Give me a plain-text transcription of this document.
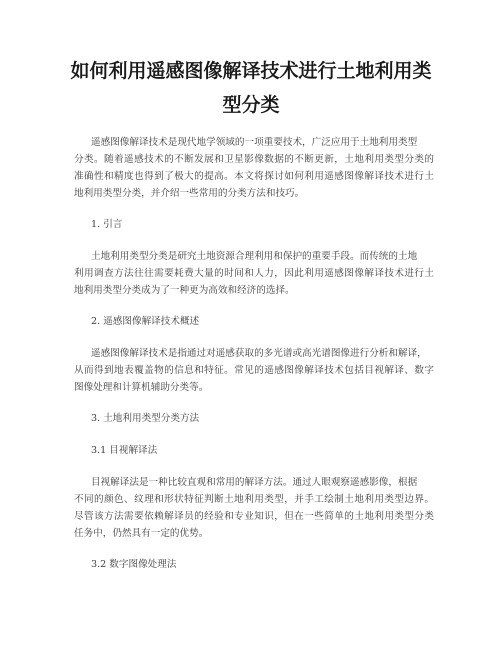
如何利用遥感图像解译技术进行土地利用类
型分类
遥感图像解译技术是现代地学领域的一项重要技术，广泛应用于土地利用类型
分类。随着遥感技术的不断发展和卫星影像数据的不断更新，土地利用类型分类的
准确性和精度也得到了极大的提高。本文将探讨如何利用遥感图像解译技术进行土
地利用类型分类，并介绍一些常用的分类方法和技巧。
1. 引言
土地利用类型分类是研究土地资源合理利用和保护的重要手段。而传统的土地
利用调查方法往往需要耗费大量的时间和人力，因此利用遥感图像解译技术进行土
地利用类型分类成为了一种更为高效和经济的选择。
2. 遥感图像解译技术概述
遥感图像解译技术是指通过对遥感获取的多光谱或高光谱图像进行分析和解译，
从而得到地表覆盖物的信息和特征。常见的遥感图像解译技术包括目视解译、数字
图像处理和计算机辅助分类等。
3. 土地利用类型分类方法
3.1 目视解译法
目视解译法是一种比较直观和常用的解译方法。通过人眼观察遥感影像，根据
不同的颜色、纹理和形状特征判断土地利用类型，并手工绘制土地利用类型边界。
尽管该方法需要依赖解译员的经验和专业知识，但在一些简单的土地利用类型分类
任务中，仍然具有一定的优势。
3.2 数字图像处理法
